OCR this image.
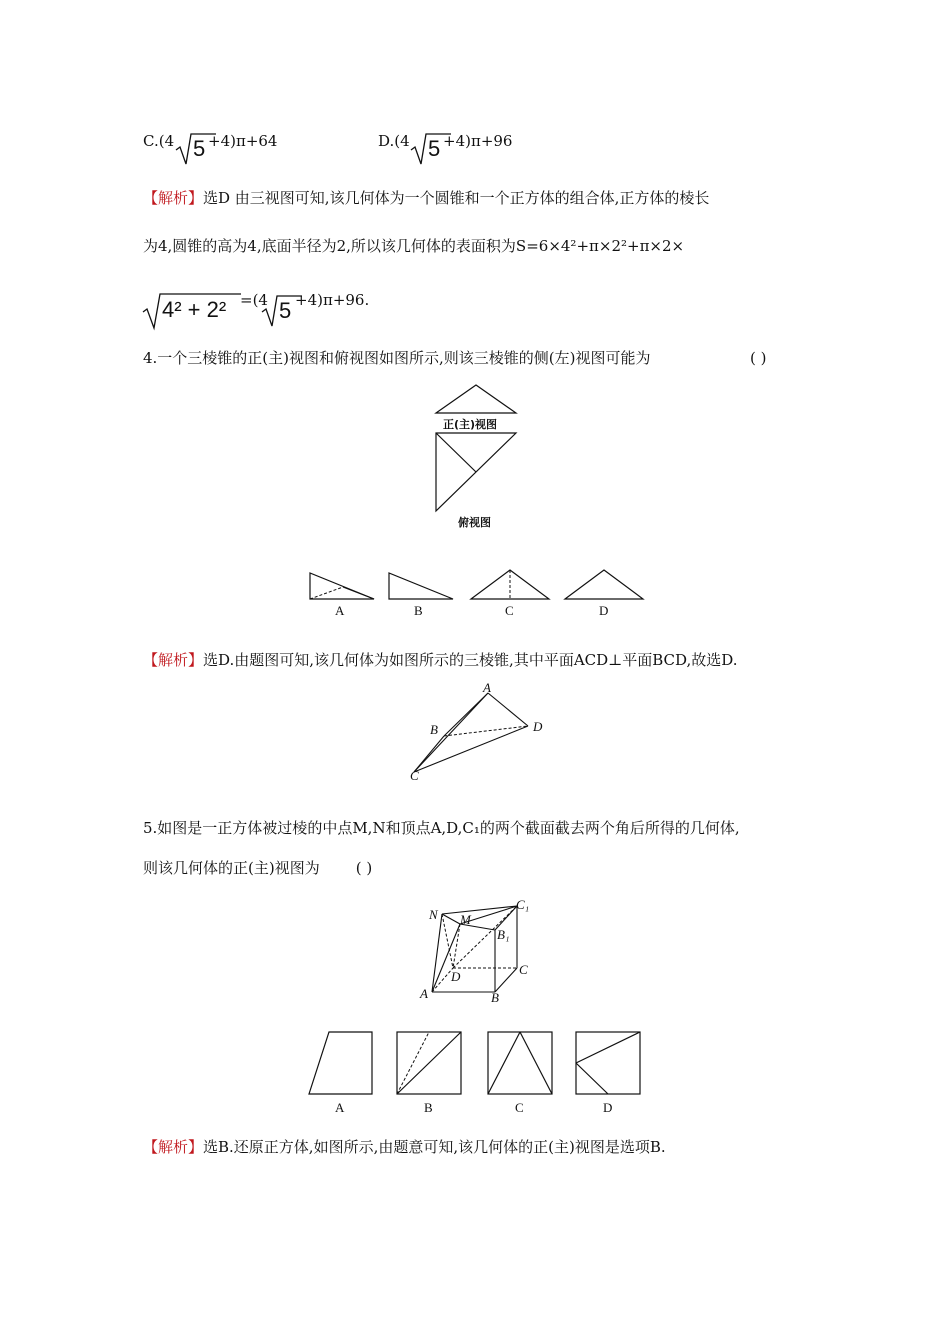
C.(4 5 +4)π+64	D.(4 5 +4)π+96
【解析】选D 由三视图可知,该几何体为一个圆锥和一个正方体的组合体,正方体的棱长
为4,圆锥的高为4,底面半径为2,所以该几何体的表面积为S=6×4²+π×2²+π×2×
4² + 2² =(4 5 +4)π+96.
4.一个三棱锥的正(主)视图和俯视图如图所示,则该三棱锥的侧(左)视图可能为	( )
正(主)视图
俯视图
A	B	C	D
【解析】选D.由题图可知,该几何体为如图所示的三棱锥,其中平面ACD⊥平面BCD,故选D.
A
B	D
C
5.如图是一正方体被过棱的中点M,N和顶点A,D,C₁的两个截面截去两个角后所得的几何体,
则该几何体的正(主)视图为 ( )
N M
C₁
B₁
D	C
A	B
A	B	C	D
【解析】选B.还原正方体,如图所示,由题意可知,该几何体的正(主)视图是选项B.
